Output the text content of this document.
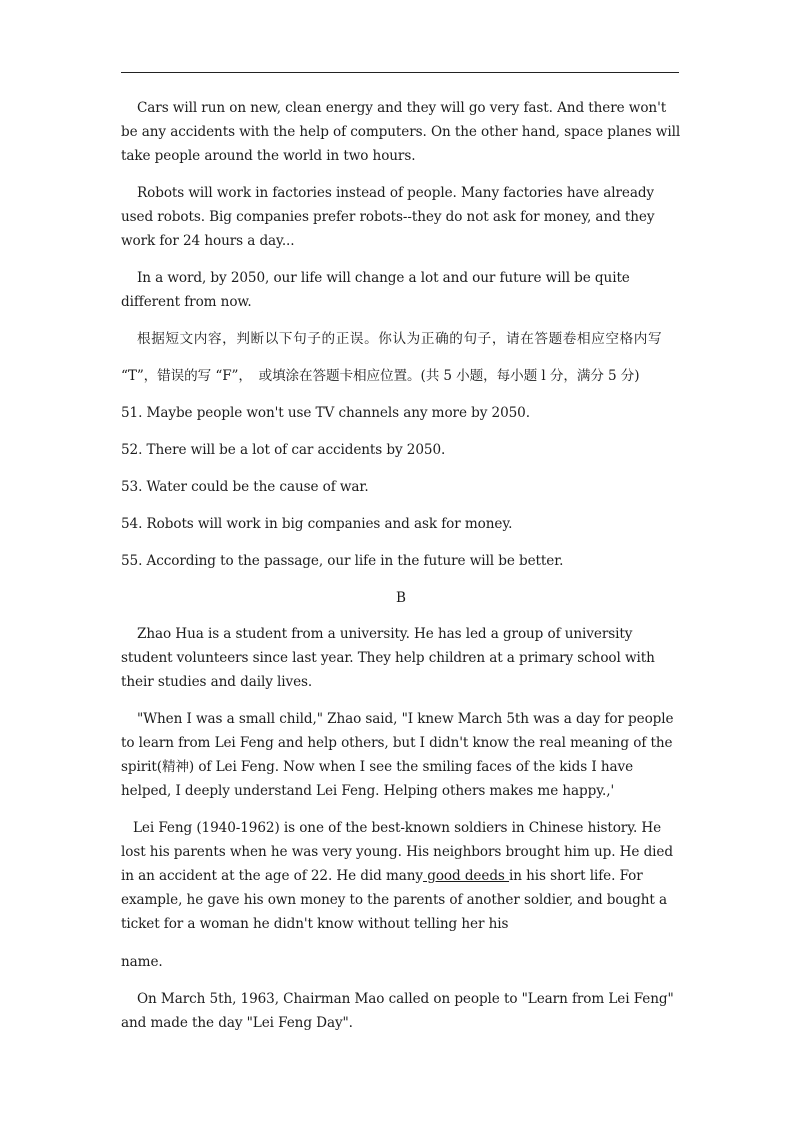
Cars will run on new, clean energy and they will go very fast. And there won't be any accidents with the help of computers. On the other hand, space planes will take people around the world in two hours.

Robots will work in factories instead of people. Many factories have already used robots. Big companies prefer robots--they do not ask for money, and they work for 24 hours a day...

In a word, by 2050, our life will change a lot and our future will be quite different from now.

根据短文内容，判断以下句子的正误。你认为正确的句子，请在答题卷相应空格内写

“T”，错误的写 “F”，　或填涂在答题卡相应位置。(共 5 小题，每小题 l 分，满分 5 分)

51. Maybe people won't use TV channels any more by 2050.

52. There will be a lot of car accidents by 2050.

53. Water could be the cause of war.

54. Robots will work in big companies and ask for money.

55. According to the passage, our life in the future will be better.

B

Zhao Hua is a student from a university. He has led a group of university student volunteers since last year. They help children at a primary school with their studies and daily lives.

"When I was a small child," Zhao said, "I knew March 5th was a day for people to learn from Lei Feng and help others, but I didn't know the real meaning of the spirit(精神) of Lei Feng. Now when I see the smiling faces of the kids I have helped, I deeply understand Lei Feng. Helping others makes me happy.,'

Lei Feng (1940-1962) is one of the best-known soldiers in Chinese history. He lost his parents when he was very young. His neighbors brought him up. He died in an accident at the age of 22. He did many good deeds in his short life. For example, he gave his own money to the parents of another soldier, and bought a ticket for a woman he didn't know without telling her his

name.

On March 5th, 1963, Chairman Mao called on people to "Learn from Lei Feng" and made the day "Lei Feng Day".
